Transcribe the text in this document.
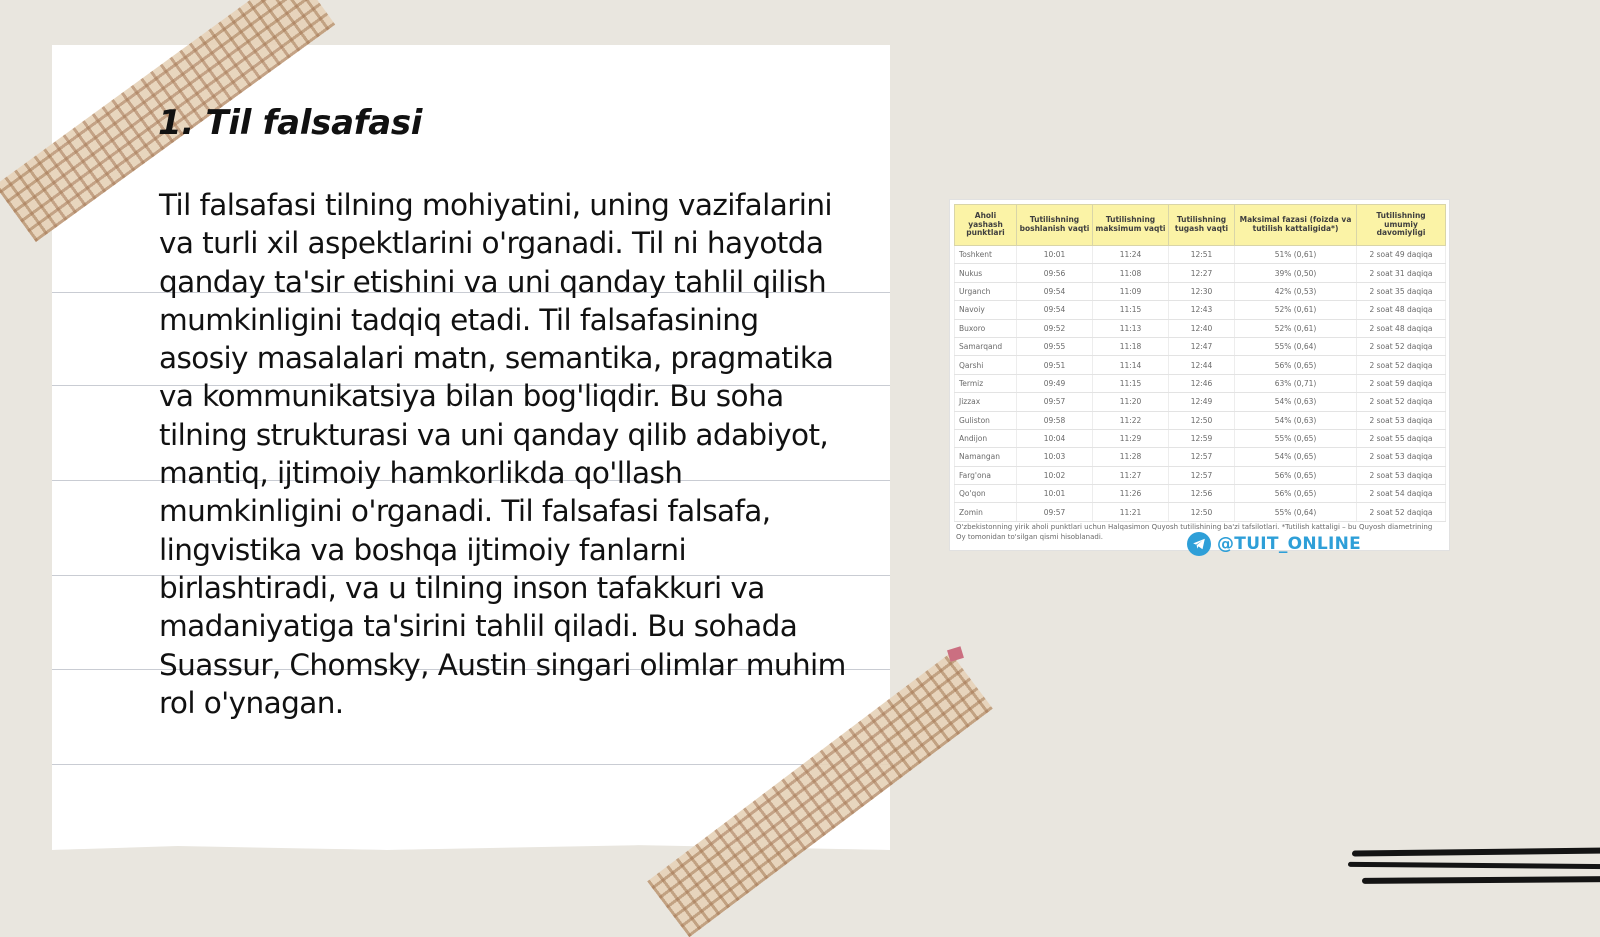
1. Til falsafasi

Til falsafasi tilning mohiyatini, uning vazifalarini va turli xil aspektlarini o'rganadi. Til ni hayotda qanday ta'sir etishini va uni qanday tahlil qilish mumkinligini tadqiq etadi. Til falsafasining asosiy masalalari matn, semantika, pragmatika va kommunikatsiya bilan bog'liqdir. Bu soha tilning strukturasi va uni qanday qilib adabiyot, mantiq, ijtimoiy hamkorlikda qo'llash mumkinligini o'rganadi. Til falsafasi falsafa, lingvistika va boshqa ijtimoiy fanlarni birlashtiradi, va u tilning inson tafakkuri va madaniyatiga ta'sirini tahlil qiladi. Bu sohada Suassur, Chomsky, Austin singari olimlar muhim rol o'ynagan.

Aholi yashash punktlari	Tutilishning boshlanish vaqti	Tutilishning maksimum vaqti	Tutilishning tugash vaqti	Maksimal fazasi (foizda va tutilish kattaligida*)	Tutilishning umumiy davomiyligi
Toshkent	10:01	11:24	12:51	51% (0,61)	2 soat 49 daqiqa
Nukus	09:56	11:08	12:27	39% (0,50)	2 soat 31 daqiqa
Urganch	09:54	11:09	12:30	42% (0,53)	2 soat 35 daqiqa
Navoiy	09:54	11:15	12:43	52% (0,61)	2 soat 48 daqiqa
Buxoro	09:52	11:13	12:40	52% (0,61)	2 soat 48 daqiqa
Samarqand	09:55	11:18	12:47	55% (0,64)	2 soat 52 daqiqa
Qarshi	09:51	11:14	12:44	56% (0,65)	2 soat 52 daqiqa
Termiz	09:49	11:15	12:46	63% (0,71)	2 soat 59 daqiqa
Jizzax	09:57	11:20	12:49	54% (0,63)	2 soat 52 daqiqa
Guliston	09:58	11:22	12:50	54% (0,63)	2 soat 53 daqiqa
Andijon	10:04	11:29	12:59	55% (0,65)	2 soat 55 daqiqa
Namangan	10:03	11:28	12:57	54% (0,65)	2 soat 53 daqiqa
Farg'ona	10:02	11:27	12:57	56% (0,65)	2 soat 53 daqiqa
Qo'qon	10:01	11:26	12:56	56% (0,65)	2 soat 54 daqiqa
Zomin	09:57	11:21	12:50	55% (0,64)	2 soat 52 daqiqa
O'zbekistonning yirik aholi punktlari uchun Halqasimon Quyosh tutilishining ba'zi tafsilotlari. *Tutilish kattaligi – bu Quyosh diametrining Oy tomonidan to'silgan qismi hisoblanadi.	@TUIT_ONLINE
